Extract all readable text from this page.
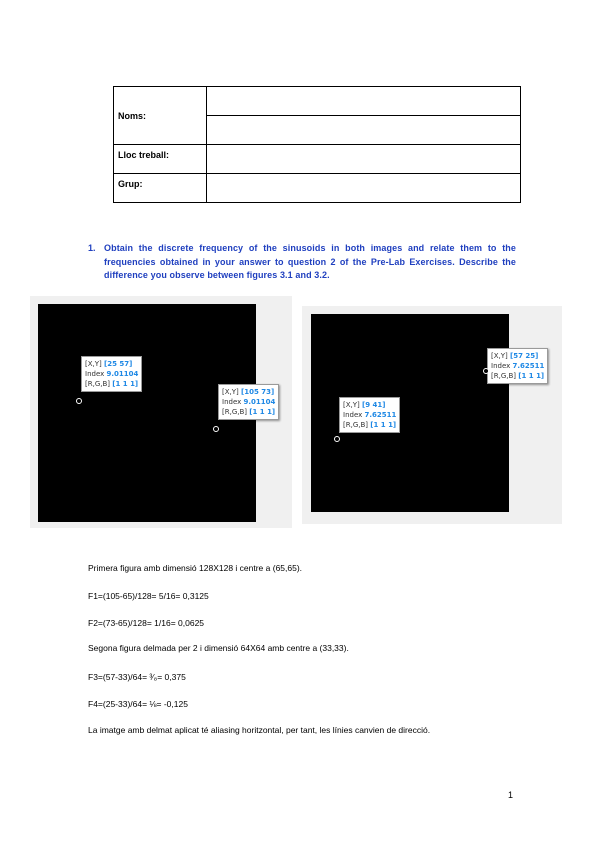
Noms:	

Lloc treball:	
Grup:	
1. Obtain the discrete frequency of the sinusoids in both images and relate them to the frequencies obtained in your answer to question 2 of the Pre-Lab Exercises. Describe the difference you observe between figures 3.1 and 3.2.
[X,Y] [25 57]
Index 9.01104
[R,G,B] [1 1 1]
[X,Y] [105 73]
Index 9.01104
[R,G,B] [1 1 1]
[X,Y] [57 25]
Index 7.62511
[R,G,B] [1 1 1]
[X,Y] [9 41]
Index 7.62511
[R,G,B] [1 1 1]
Primera figura amb dimensió 128X128 i centre a (65,65).
F1=(105-65)/128= 5/16= 0,3125
F2=(73-65)/128= 1/16= 0,0625
Segona figura delmada per 2 i dimensió 64X64 amb centre a (33,33).
F3=(57-33)/64= ³⁄₈= 0,375
F4=(25-33)/64= ⅛= -0,125
La imatge amb delmat aplicat té aliasing horitzontal, per tant, les línies canvien de direcció.
1
